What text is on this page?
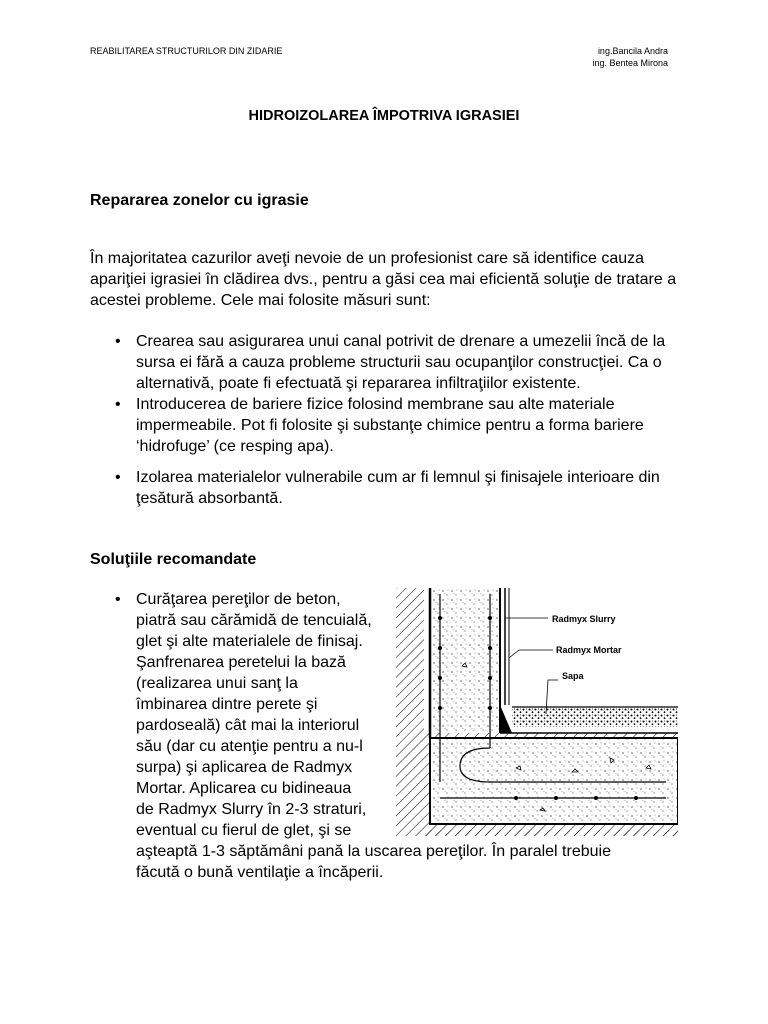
REABILITAREA STRUCTURILOR DIN ZIDARIE	ing.Bancila Andra
ing. Bentea Mirona
HIDROIZOLAREA ÎMPOTRIVA IGRASIEI
Repararea zonelor cu igrasie

În majoritatea cazurilor aveţi nevoie de un profesionist care să identifice cauza apariţiei igrasiei în clădirea dvs., pentru a găsi cea mai eficientă soluţie de tratare a acestei probleme. Cele mai folosite măsuri sunt:

• Crearea sau asigurarea unui canal potrivit de drenare a umezelii încă de la sursa ei fără a cauza probleme structurii sau ocupanţilor construcţiei. Ca o alternativă, poate fi efectuată şi repararea infiltraţiilor existente.
• Introducerea de bariere fizice folosind membrane sau alte materiale impermeabile. Pot fi folosite şi substanţe chimice pentru a forma bariere ‘hidrofuge’ (ce resping apa).
• Izolarea materialelor vulnerabile cum ar fi lemnul şi finisajele interioare din ţesătură absorbantă.
Soluţiile recomandate
• Curăţarea pereţilor de beton,
piatră sau cărămidă de tencuială,
glet şi alte materialele de finisaj.
Şanfrenarea peretelui la bază
(realizarea unui sanţ la
îmbinarea dintre perete şi
pardoseală) cât mai la interiorul
său (dar cu atenţie pentru a nu-l
surpa) şi aplicarea de Radmyx
Mortar. Aplicarea cu bidineaua
de Radmyx Slurry în 2-3 straturi,
eventual cu fierul de glet, şi se
aşteaptă 1-3 săptămâni pană la uscarea pereţilor. În paralel trebuie
făcută o bună ventilaţie a încăperii.
Radmyx Slurry
Radmyx Mortar
Sapa
